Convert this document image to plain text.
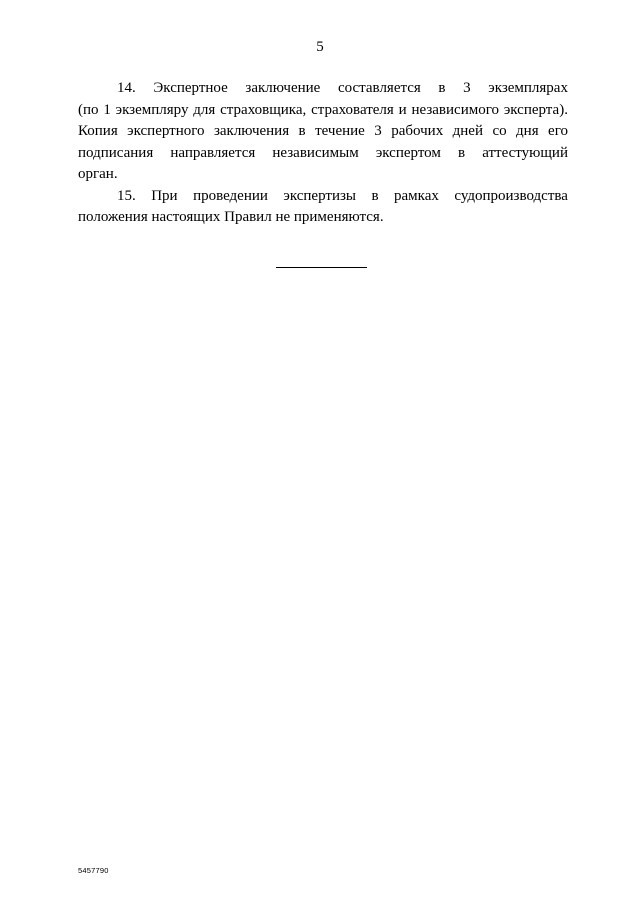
5
14. Экспертное заключение составляется в 3 экземплярах
(по 1 экземпляру для страховщика, страхователя и независимого эксперта).
Копия экспертного заключения в течение 3 рабочих дней со дня его
подписания направляется независимым экспертом в аттестующий
орган.
15. При проведении экспертизы в рамках судопроизводства
положения настоящих Правил не применяются.
5457790
